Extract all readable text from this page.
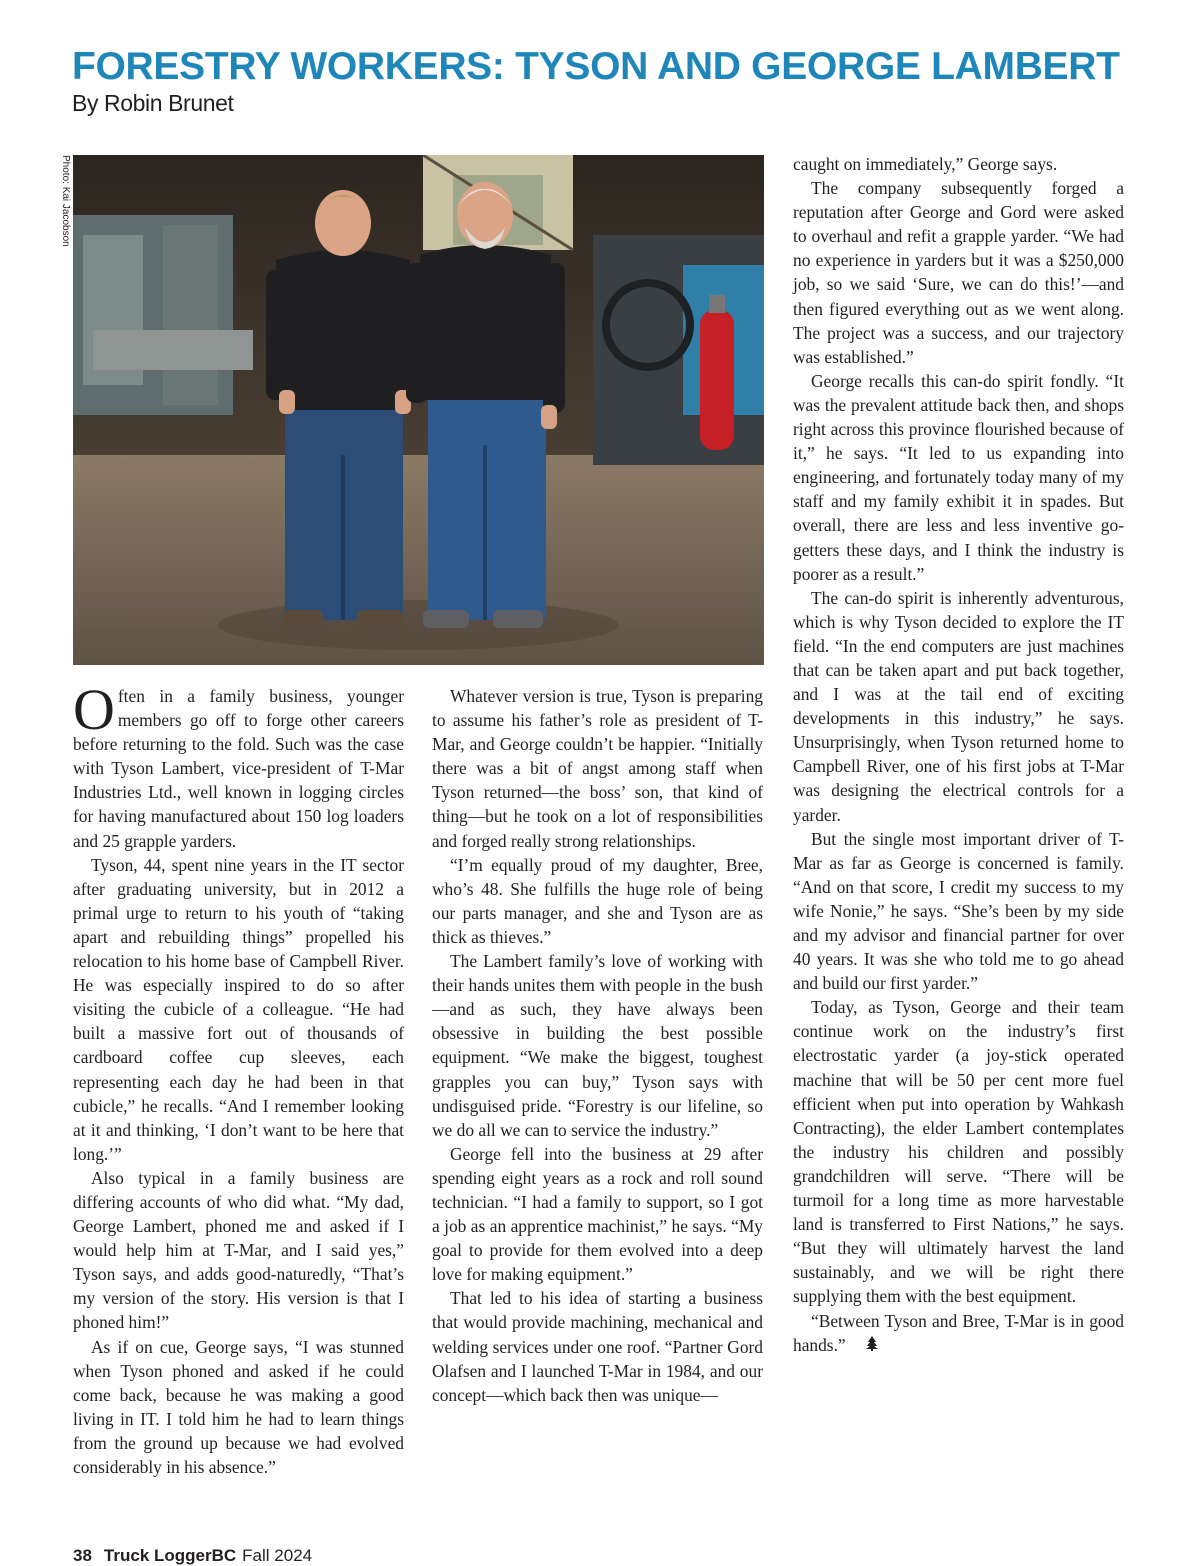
FORESTRY WORKERS: TYSON AND GEORGE LAMBERT
By Robin Brunet
Photo: Kai Jacobson

Often in a family business, younger members go off to forge other careers before returning to the fold. Such was the case with Tyson Lambert, vice-president of T-Mar Industries Ltd., well known in logging circles for having manufactured about 150 log loaders and 25 grapple yarders.

Tyson, 44, spent nine years in the IT sector after graduating university, but in 2012 a primal urge to return to his youth of “taking apart and rebuilding things” propelled his relocation to his home base of Campbell River. He was especially inspired to do so after visiting the cubicle of a colleague. “He had built a massive fort out of thousands of cardboard coffee cup sleeves, each representing each day he had been in that cubicle,” he recalls. “And I remember looking at it and thinking, ‘I don’t want to be here that long.’”

Also typical in a family business are differing accounts of who did what. “My dad, George Lambert, phoned me and asked if I would help him at T-Mar, and I said yes,” Tyson says, and adds good-naturedly, “That’s my version of the story. His version is that I phoned him!”

As if on cue, George says, “I was stunned when Tyson phoned and asked if he could come back, because he was making a good living in IT. I told him he had to learn things from the ground up because we had evolved considerably in his absence.”

Whatever version is true, Tyson is preparing to assume his father’s role as president of T-Mar, and George couldn’t be happier. “Initially there was a bit of angst among staff when Tyson returned—the boss’ son, that kind of thing—but he took on a lot of responsibilities and forged really strong relationships.

“I’m equally proud of my daughter, Bree, who’s 48. She fulfills the huge role of being our parts manager, and she and Tyson are as thick as thieves.”

The Lambert family’s love of working with their hands unites them with people in the bush—and as such, they have always been obsessive in building the best possible equipment. “We make the biggest, toughest grapples you can buy,” Tyson says with undisguised pride. “Forestry is our lifeline, so we do all we can to service the industry.”

George fell into the business at 29 after spending eight years as a rock and roll sound technician. “I had a family to support, so I got a job as an apprentice machinist,” he says. “My goal to provide for them evolved into a deep love for making equipment.”

That led to his idea of starting a business that would provide machining, mechanical and welding services under one roof. “Partner Gord Olafsen and I launched T-Mar in 1984, and our concept—which back then was unique—

caught on immediately,” George says.

The company subsequently forged a reputation after George and Gord were asked to overhaul and refit a grapple yarder. “We had no experience in yarders but it was a $250,000 job, so we said ‘Sure, we can do this!’—and then figured everything out as we went along. The project was a success, and our trajectory was established.”

George recalls this can-do spirit fondly. “It was the prevalent attitude back then, and shops right across this province flourished because of it,” he says. “It led to us expanding into engineering, and fortunately today many of my staff and my family exhibit it in spades. But overall, there are less and less inventive go-getters these days, and I think the industry is poorer as a result.”

The can-do spirit is inherently adventurous, which is why Tyson decided to explore the IT field. “In the end computers are just machines that can be taken apart and put back together, and I was at the tail end of exciting developments in this industry,” he says. Unsurprisingly, when Tyson returned home to Campbell River, one of his first jobs at T-Mar was designing the electrical controls for a yarder.

But the single most important driver of T-Mar as far as George is concerned is family. “And on that score, I credit my success to my wife Nonie,” he says. “She’s been by my side and my advisor and financial partner for over 40 years. It was she who told me to go ahead and build our first yarder.”

Today, as Tyson, George and their team continue work on the industry’s first electrostatic yarder (a joy-stick operated machine that will be 50 per cent more fuel efficient when put into operation by Wahkash Contracting), the elder Lambert contemplates the industry his children and possibly grandchildren will serve. “There will be turmoil for a long time as more harvestable land is transferred to First Nations,” he says. “But they will ultimately harvest the land sustainably, and we will be right there supplying them with the best equipment.

“Between Tyson and Bree, T-Mar is in good hands.”

38 Truck LoggerBC Fall 2024
